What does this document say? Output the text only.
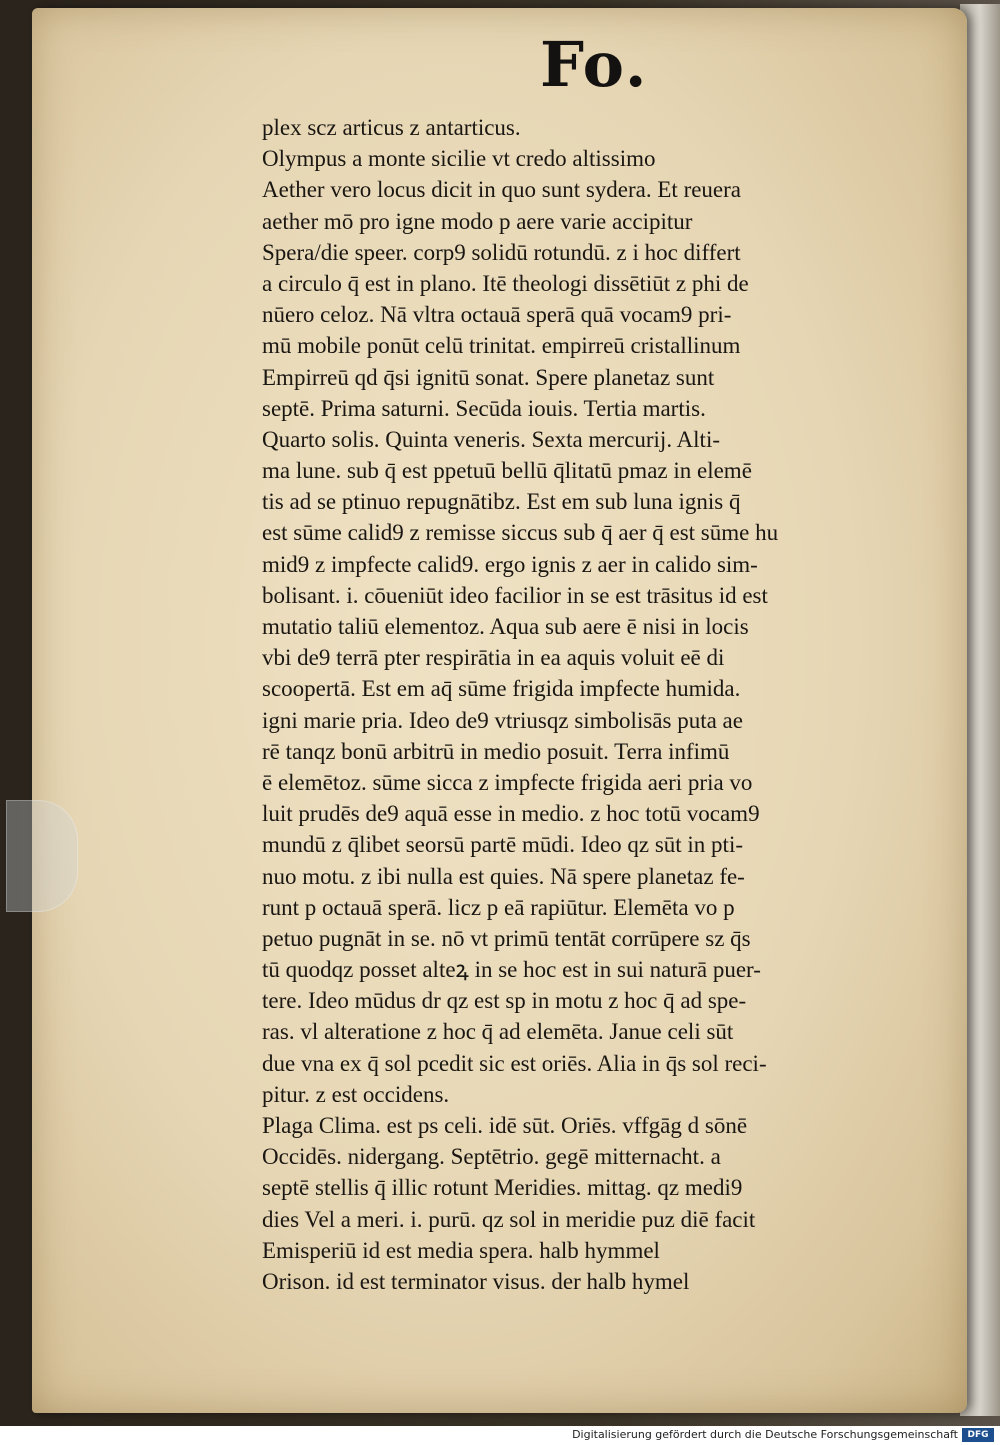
Fo.
plex scz articus z antarticus.
Olympus a monte sicilie vt credo altissimo
Aether vero locus dicit in quo sunt sydera. Et reuera
aether mō pro igne modo p aere varie accipitur
Spera/die speer. corp9 solidū rotundū. z i hoc differt
a circulo q̄ est in plano. Itē theologi dissētiūt z phi de
nūero celoz. Nā vltra octauā sperā quā vocam9 pri-
mū mobile ponūt celū trinitat. empirreū cristallinum
Empirreū qd q̄si ignitū sonat. Spere planetaz sunt
septē. Prima saturni. Secūda iouis. Tertia martis.
Quarto solis. Quinta veneris. Sexta mercurij. Alti-
ma lune. sub q̄ est ppetuū bellū q̄litatū pmaz in elemē
tis ad se ptinuo repugnātibz. Est em sub luna ignis q̄
est sūme calid9 z remisse siccus sub q̄ aer q̄ est sūme hu
mid9 z impfecte calid9. ergo ignis z aer in calido sim-
bolisant. i. cōueniūt ideo facilior in se est trāsitus id est
mutatio taliū elementoz. Aqua sub aere ē nisi in locis
vbi de9 terrā pter respirātia in ea aquis voluit eē di
scoopertā. Est em aq̄ sūme frigida impfecte humida.
igni marie pria. Ideo de9 vtriusqz simbolisās puta ae
rē tanqz bonū arbitrū in medio posuit. Terra infimū
ē elemētoz. sūme sicca z impfecte frigida aeri pria vo
luit prudēs de9 aquā esse in medio. z hoc totū vocam9
mundū z q̄libet seorsū partē mūdi. Ideo qz sūt in pti-
nuo motu. z ibi nulla est quies. Nā spere planetaz fe-
runt p octauā sperā. licz p eā rapiūtur. Elemēta vo p
petuo pugnāt in se. nō vt primū tentāt corrūpere sz q̄s
tū quodqz posset alteꝝ in se hoc est in sui naturā puer-
tere. Ideo mūdus dr qz est sp in motu z hoc q̄ ad spe-
ras. vl alteratione z hoc q̄ ad elemēta. Janue celi sūt
due vna ex q̄ sol pcedit sic est oriēs. Alia in q̄s sol reci-
pitur. z est occidens.
Plaga Clima. est ps celi. idē sūt. Oriēs. vffgāg d sōnē
Occidēs. nidergang. Septētrio. gegē mitternacht. a
septē stellis q̄ illic rotunt Meridies. mittag. qz medi9
dies Vel a meri. i. purū. qz sol in meridie puz diē facit
Emisperiū id est media spera. halb hymmel
Orison. id est terminator visus. der halb hymel
Digitalisierung gefördert durch die Deutsche Forschungsgemeinschaft	DFG
